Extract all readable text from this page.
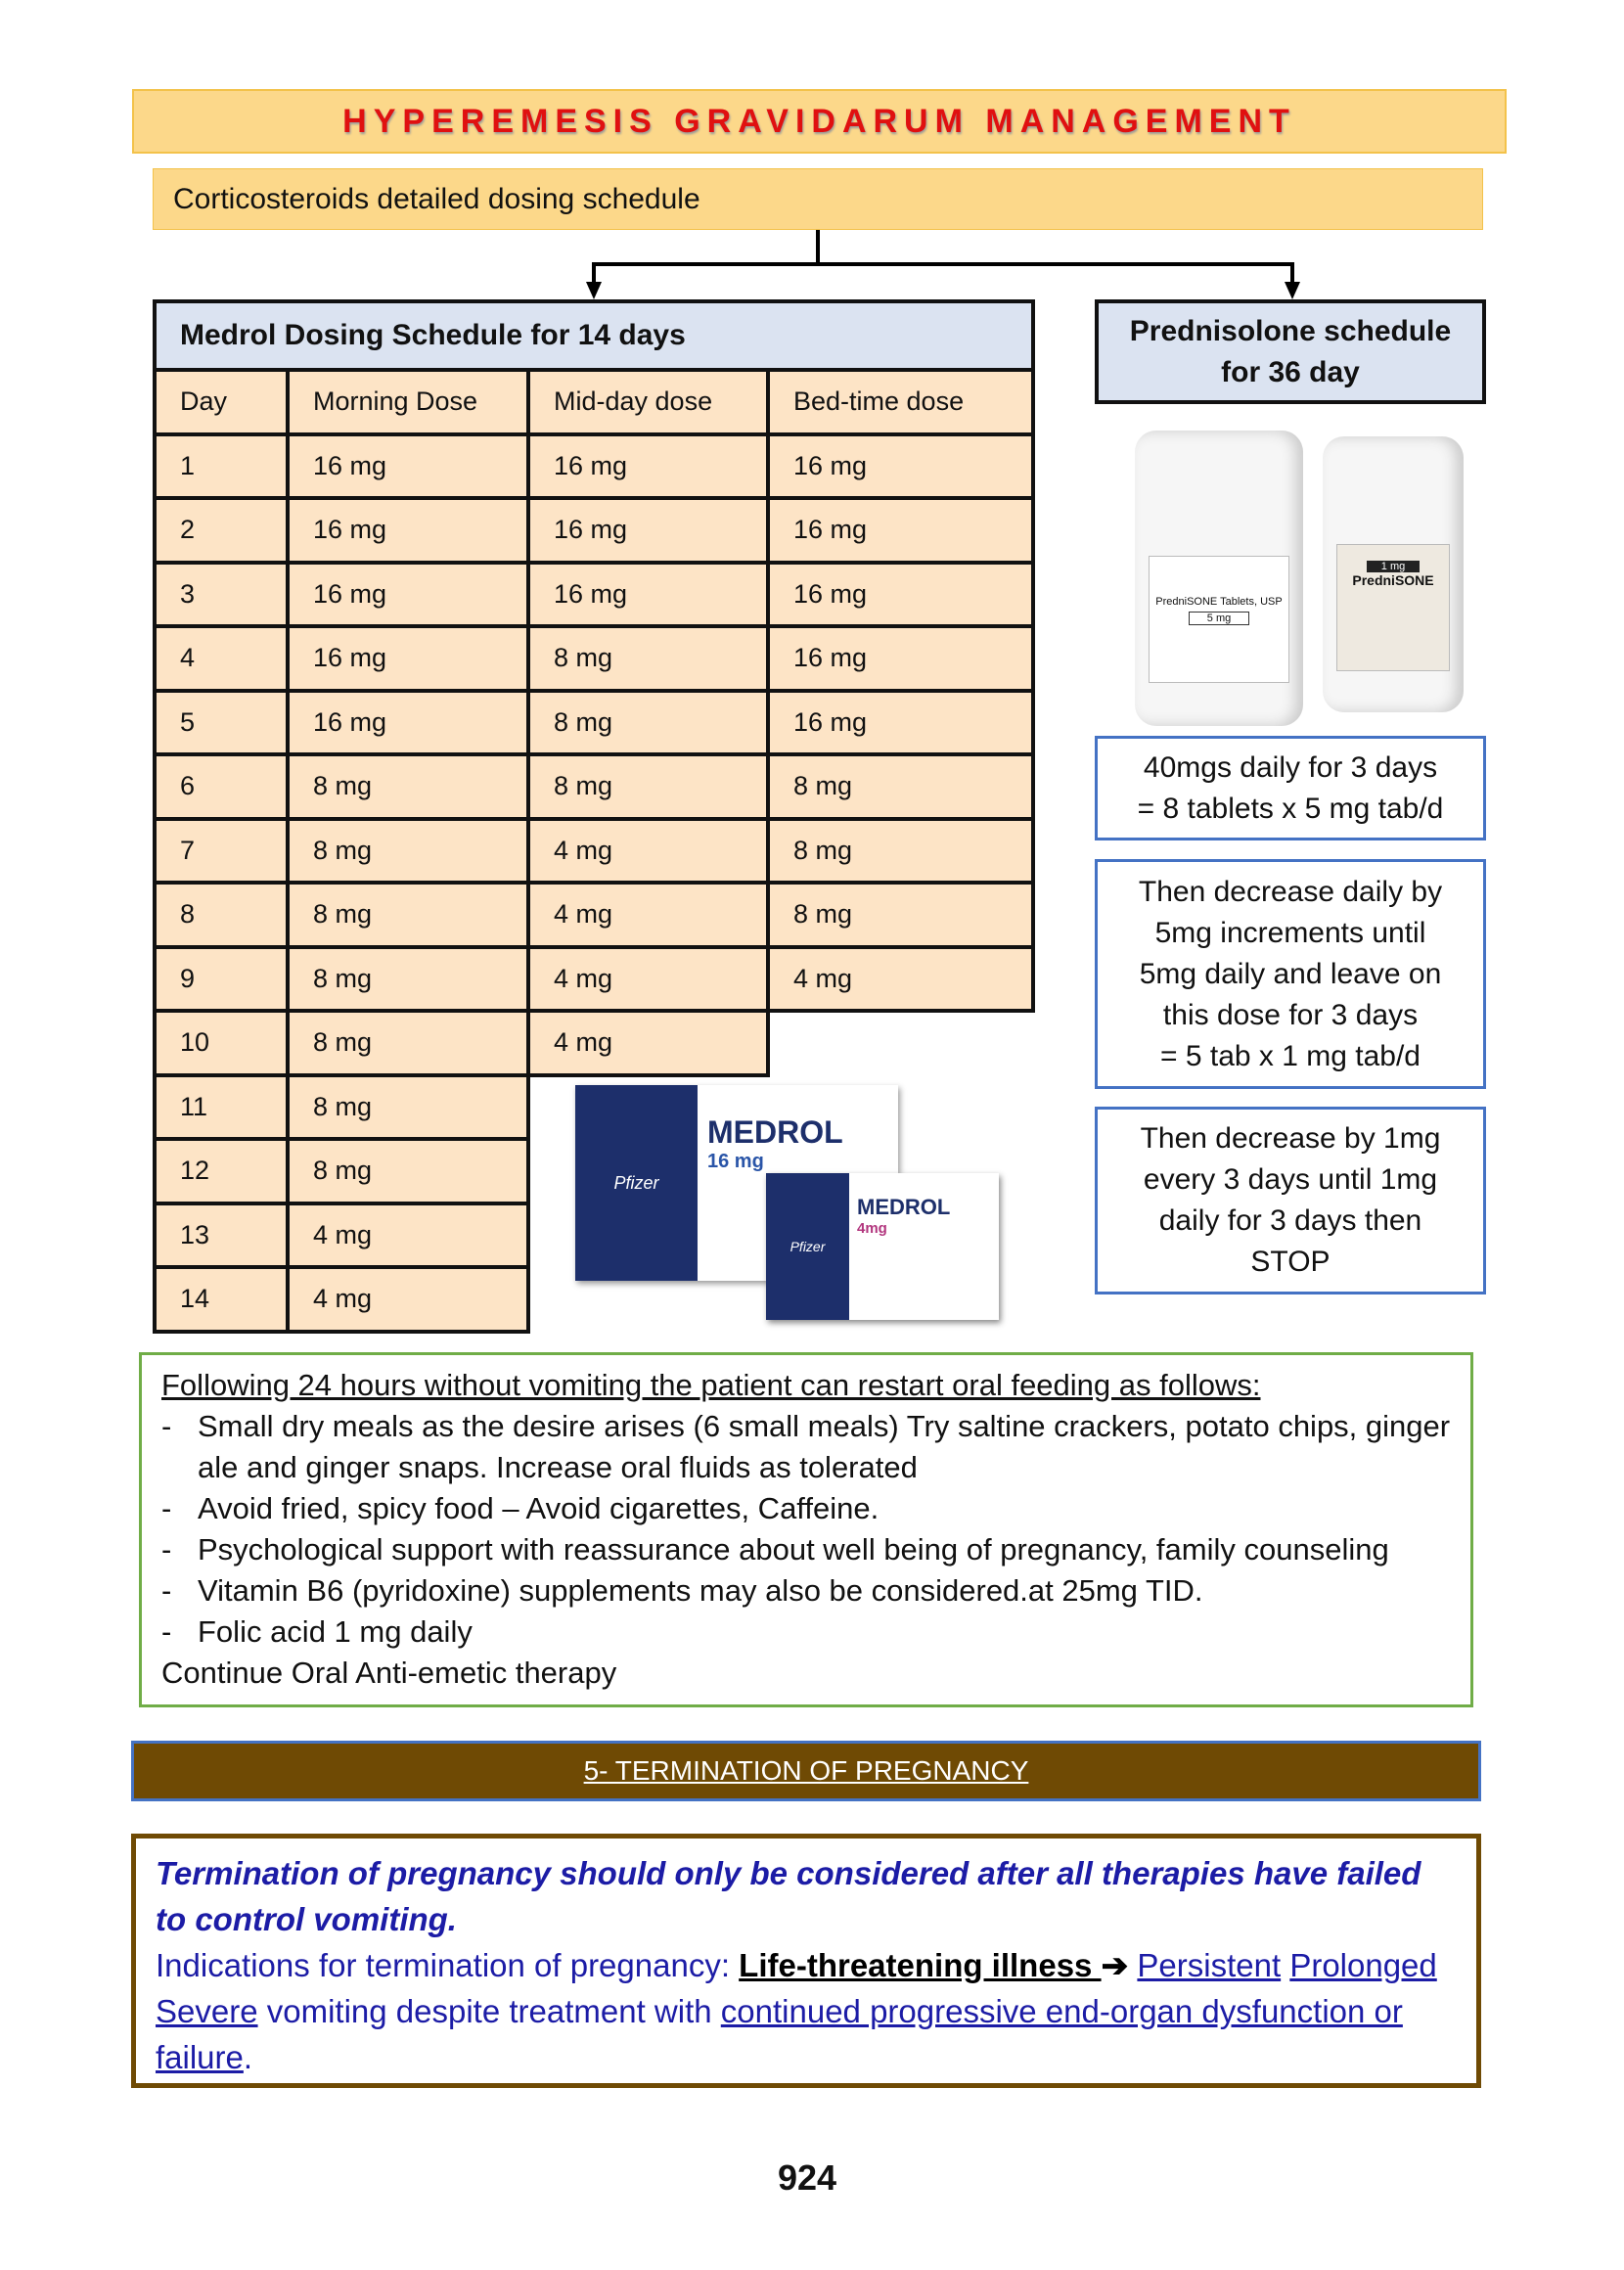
HYPEREMESIS GRAVIDARUM MANAGEMENT
Corticosteroids detailed dosing schedule
Medrol Dosing Schedule for 14 days
Day	Morning Dose	Mid-day dose	Bed-time dose
1	16 mg	16 mg	16 mg
2	16 mg	16 mg	16 mg
3	16 mg	16 mg	16 mg
4	16 mg	8 mg	16 mg
5	16 mg	8 mg	16 mg
6	8 mg	8 mg	8 mg
7	8 mg	4 mg	8 mg
8	8 mg	4 mg	8 mg
9	8 mg	4 mg	4 mg
10	8 mg	4 mg
11	8 mg
12	8 mg
13	4 mg
14	4 mg
Pfizer
MEDROL
16 mg
Pfizer
MEDROL
4mg
Prednisolone schedule
for 36 day
PredniSONE Tablets, USP
5 mg
1 mg
PredniSONE
40mgs daily for 3 days
= 8 tablets x 5 mg tab/d
Then decrease daily by
5mg increments until
5mg daily and leave on
this dose for 3 days
= 5 tab x 1 mg tab/d
Then decrease by 1mg
every 3 days until 1mg
daily for 3 days then
STOP
Following 24 hours without vomiting the patient can restart oral feeding as follows:
- Small dry meals as the desire arises (6 small meals) Try saltine crackers, potato chips, ginger ale and ginger snaps. Increase oral fluids as tolerated
- Avoid fried, spicy food – Avoid cigarettes, Caffeine.
- Psychological support with reassurance about well being of pregnancy, family counseling
- Vitamin B6 (pyridoxine) supplements may also be considered.at 25mg TID.
- Folic acid 1 mg daily
Continue Oral Anti-emetic therapy
5- TERMINATION OF PREGNANCY
Termination of pregnancy should only be considered after all therapies have failed to control vomiting.
Indications for termination of pregnancy: Life-threatening illness ➔ Persistent Prolonged Severe vomiting despite treatment with continued progressive end-organ dysfunction or failure.
924
